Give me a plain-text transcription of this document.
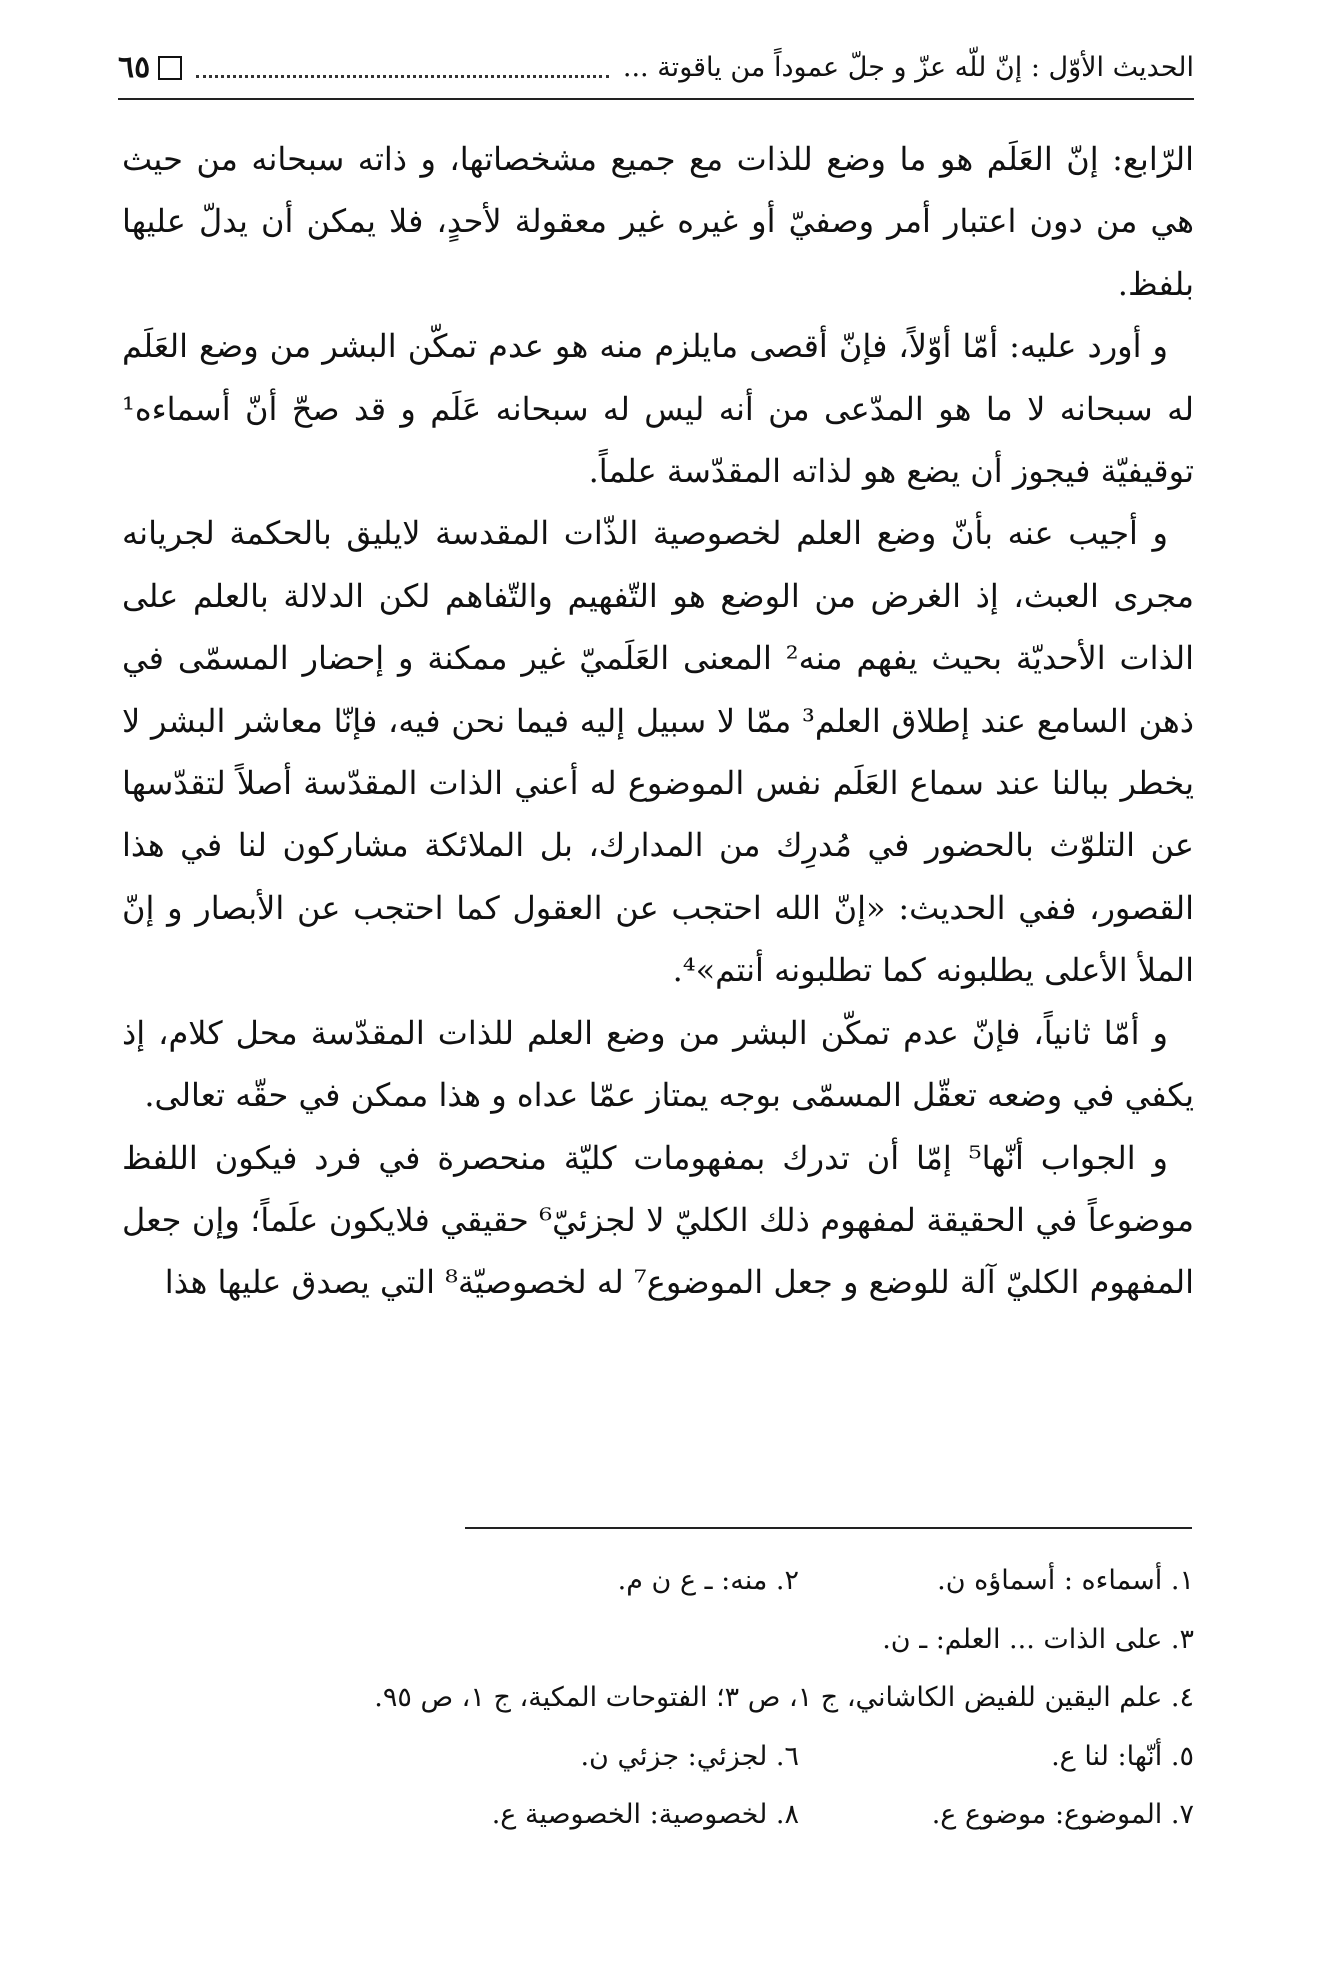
الحديث الأوّل : إنّ للّه عزّ و جلّ عموداً من ياقوتة ...
٦٥

الرّابع: إنّ العَلَم هو ما وضع للذات مع جميع مشخصاتها، و ذاته سبحانه من حيث هي من دون اعتبار أمر وصفيّ أو غيره غير معقولة لأحدٍ، فلا يمكن أن يدلّ عليها بلفظ.

و أورد عليه: أمّا أوّلاً، فإنّ أقصى مايلزم منه هو عدم تمكّن البشر من وضع العَلَم له سبحانه لا ما هو المدّعى من أنه ليس له سبحانه عَلَم و قد صحّ أنّ أسماءه¹ توقيفيّة فيجوز أن يضع هو لذاته المقدّسة علماً.

و أجيب عنه بأنّ وضع العلم لخصوصية الذّات المقدسة لايليق بالحكمة لجريانه مجرى العبث، إذ الغرض من الوضع هو التّفهيم والتّفاهم لكن الدلالة بالعلم على الذات الأحديّة بحيث يفهم منه² المعنى العَلَميّ غير ممكنة و إحضار المسمّى في ذهن السامع عند إطلاق العلم³ ممّا لا سبيل إليه فيما نحن فيه، فإنّا معاشر البشر لا يخطر ببالنا عند سماع العَلَم نفس الموضوع له أعني الذات المقدّسة أصلاً لتقدّسها عن التلوّث بالحضور في مُدرِك من المدارك، بل الملائكة مشاركون لنا في هذا القصور، ففي الحديث: «إنّ الله احتجب عن العقول كما احتجب عن الأبصار و إنّ الملأ الأعلى يطلبونه كما تطلبونه أنتم»⁴.

و أمّا ثانياً، فإنّ عدم تمكّن البشر من وضع العلم للذات المقدّسة محل كلام، إذ يكفي في وضعه تعقّل المسمّى بوجه يمتاز عمّا عداه و هذا ممكن في حقّه تعالى.

و الجواب أنّها⁵ إمّا أن تدرك بمفهومات كليّة منحصرة في فرد فيكون اللفظ موضوعاً في الحقيقة لمفهوم ذلك الكليّ لا لجزئيّ⁶ حقيقي فلايكون علَماً؛ وإن جعل المفهوم الكليّ آلة للوضع و جعل الموضوع⁷ له لخصوصيّة⁸ التي يصدق عليها هذا

١. أسماءه : أسماؤه ن.
٢. منه: ـ ع ن م.
٣. على الذات ... العلم: ـ ن.
٤. علم اليقين للفيض الكاشاني، ج ١، ص ٣؛ الفتوحات المكية، ج ١، ص ٩٥.
٥. أنّها: لنا ع.
٦. لجزئي: جزئي ن.
٧. الموضوع: موضوع ع.
٨. لخصوصية: الخصوصية ع.
